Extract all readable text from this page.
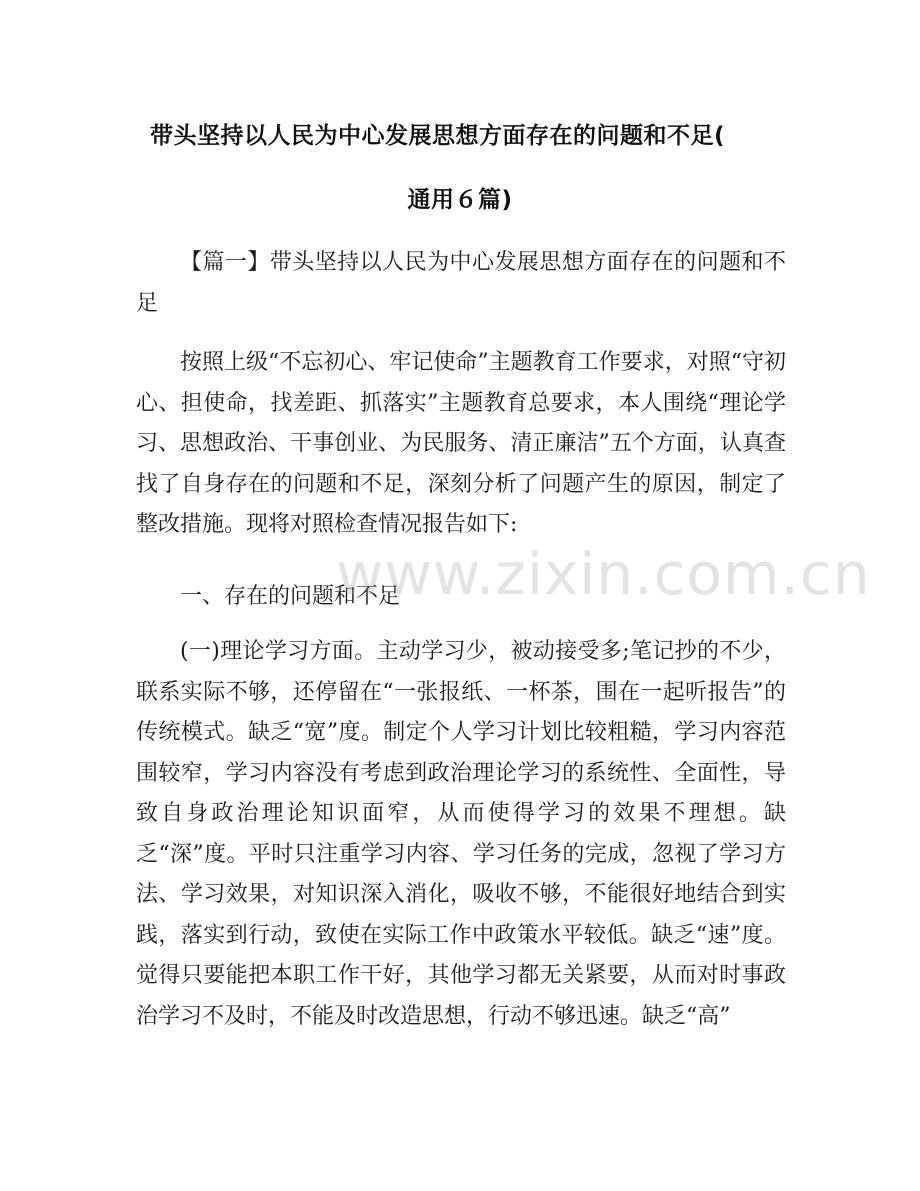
带头坚持以人民为中心发展思想方面存在的问题和不足(
通用６篇)

【篇一】带头坚持以人民为中心发展思想方面存在的问题和不足

按照上级“不忘初心、牢记使命”主题教育工作要求，对照“守初心、担使命，找差距、抓落实”主题教育总要求，本人围绕“理论学习、思想政治、干事创业、为民服务、清正廉洁”五个方面，认真查找了自身存在的问题和不足，深刻分析了问题产生的原因，制定了整改措施。现将对照检查情况报告如下:

一、存在的问题和不足

(一)理论学习方面。主动学习少，被动接受多;笔记抄的不少，联系实际不够，还停留在“一张报纸、一杯茶，围在一起听报告”的传统模式。缺乏“宽”度。制定个人学习计划比较粗糙，学习内容范围较窄，学习内容没有考虑到政治理论学习的系统性、全面性，导致自身政治理论知识面窄，从而使得学习的效果不理想。缺乏“深”度。平时只注重学习内容、学习任务的完成，忽视了学习方法、学习效果，对知识深入消化，吸收不够，不能很好地结合到实践，落实到行动，致使在实际工作中政策水平较低。缺乏“速”度。觉得只要能把本职工作干好，其他学习都无关紧要，从而对时事政治学习不及时，不能及时改造思想，行动不够迅速。缺乏“高”

www.zixin.com.cn
